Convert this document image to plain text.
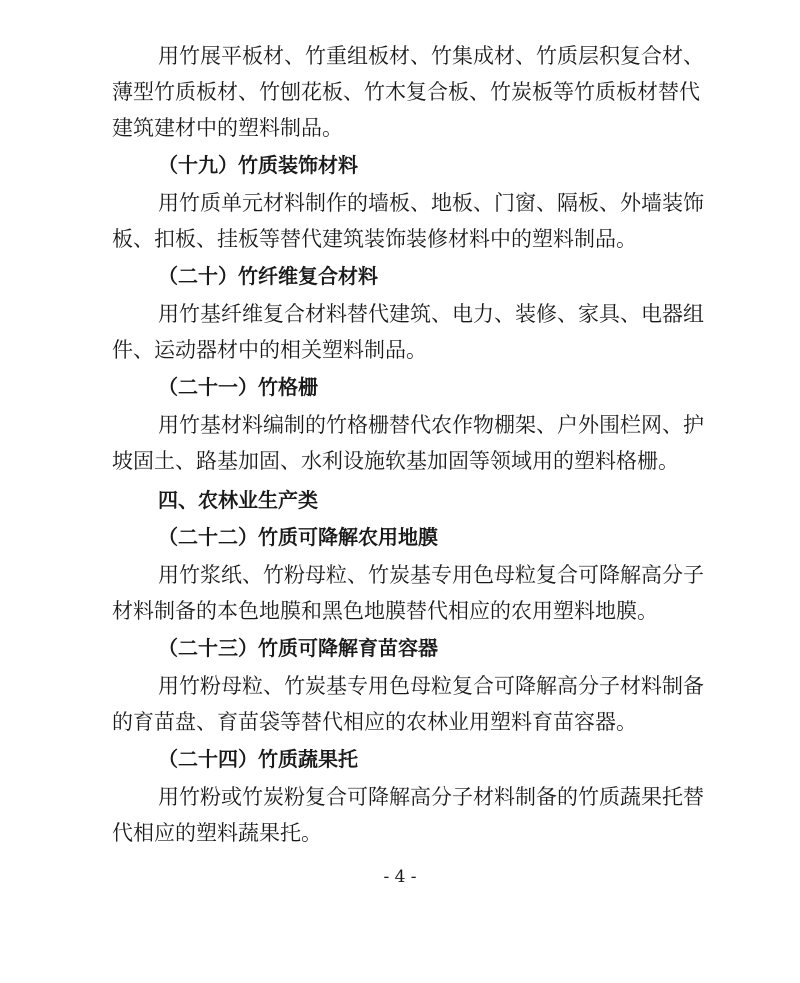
用竹展平板材、竹重组板材、竹集成材、竹质层积复合材、
薄型竹质板材、竹刨花板、竹木复合板、竹炭板等竹质板材替代
建筑建材中的塑料制品。
（十九）竹质装饰材料
用竹质单元材料制作的墙板、地板、门窗、隔板、外墙装饰
板、扣板、挂板等替代建筑装饰装修材料中的塑料制品。
（二十）竹纤维复合材料
用竹基纤维复合材料替代建筑、电力、装修、家具、电器组
件、运动器材中的相关塑料制品。
（二十一）竹格栅
用竹基材料编制的竹格栅替代农作物棚架、户外围栏网、护
坡固土、路基加固、水利设施软基加固等领域用的塑料格栅。
四、农林业生产类
（二十二）竹质可降解农用地膜
用竹浆纸、竹粉母粒、竹炭基专用色母粒复合可降解高分子
材料制备的本色地膜和黑色地膜替代相应的农用塑料地膜。
（二十三）竹质可降解育苗容器
用竹粉母粒、竹炭基专用色母粒复合可降解高分子材料制备
的育苗盘、育苗袋等替代相应的农林业用塑料育苗容器。
（二十四）竹质蔬果托
用竹粉或竹炭粉复合可降解高分子材料制备的竹质蔬果托替
代相应的塑料蔬果托。
- 4 -
